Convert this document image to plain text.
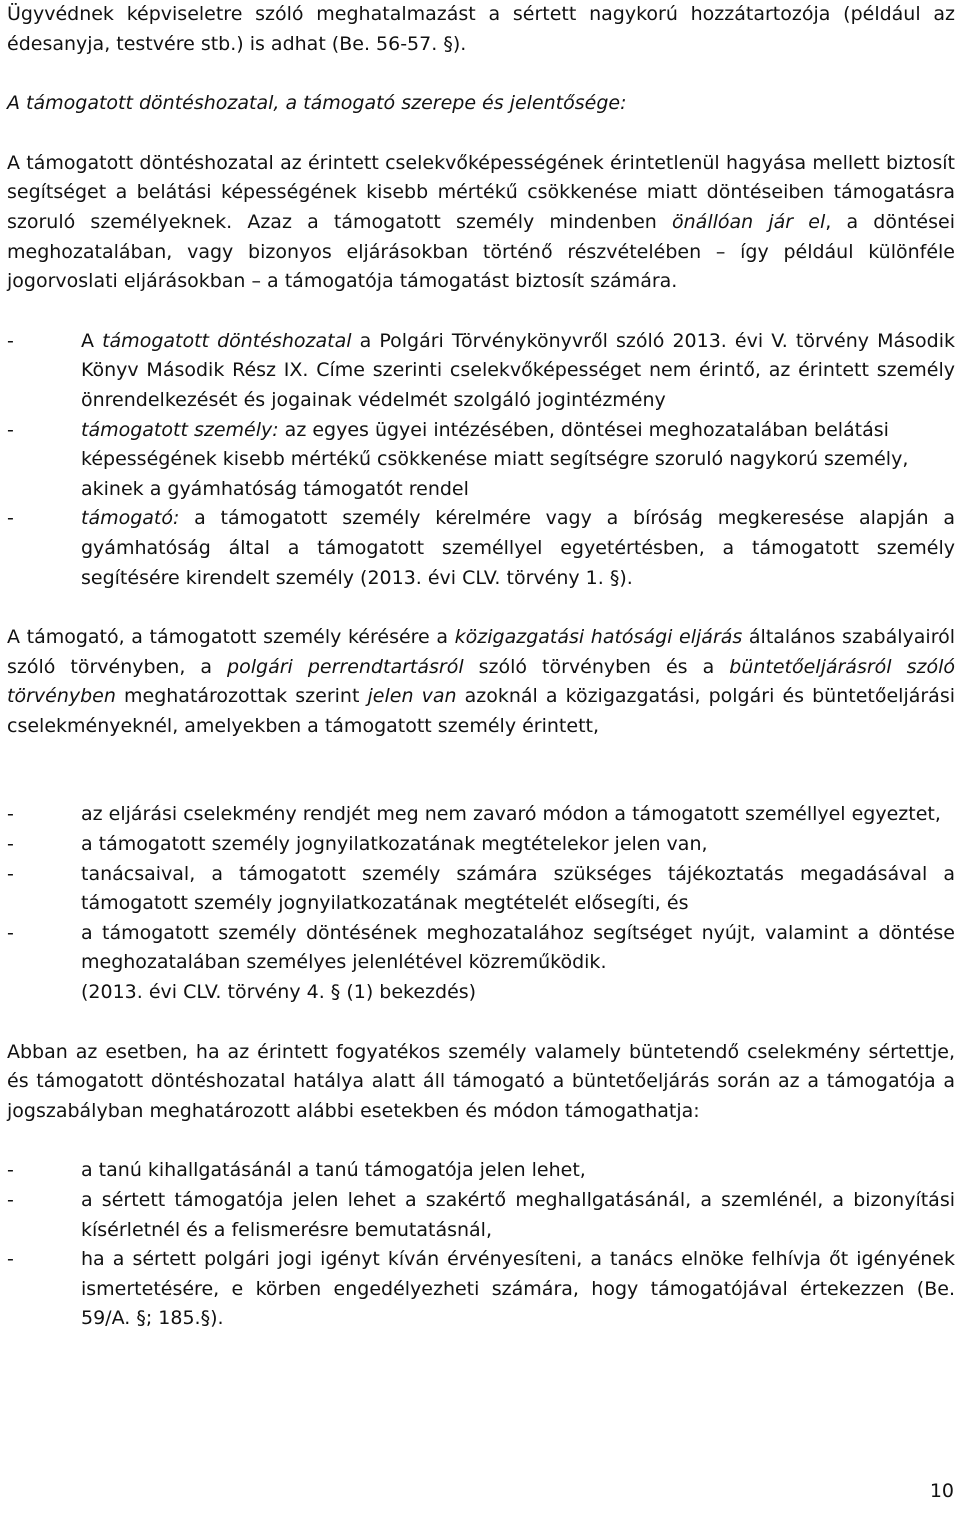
Ügyvédnek képviseletre szóló meghatalmazást a sértett nagykorú hozzátartozója (például az édesanyja, testvére stb.) is adhat (Be. 56-57. §).

A támogatott döntéshozatal, a támogató szerepe és jelentősége:

A támogatott döntéshozatal az érintett cselekvőképességének érintetlenül hagyása mellett biztosít segítséget a belátási képességének kisebb mértékű csökkenése miatt döntéseiben támogatásra szoruló személyeknek. Azaz a támogatott személy mindenben önállóan jár el, a döntései meghozatalában, vagy bizonyos eljárásokban történő részvételében – így például különféle jogorvoslati eljárásokban – a támogatója támogatást biztosít számára.

-	A támogatott döntéshozatal a Polgári Törvénykönyvről szóló 2013. évi V. törvény Második Könyv Második Rész IX. Címe szerinti cselekvőképességet nem érintő, az érintett személy önrendelkezését és jogainak védelmét szolgáló jogintézmény
-	támogatott személy: az egyes ügyei intézésében, döntései meghozatalában belátási képességének kisebb mértékű csökkenése miatt segítségre szoruló nagykorú személy, akinek a gyámhatóság támogatót rendel
-	támogató: a támogatott személy kérelmére vagy a bíróság megkeresése alapján a gyámhatóság által a támogatott személlyel egyetértésben, a támogatott személy segítésére kirendelt személy (2013. évi CLV. törvény 1. §).

A támogató, a támogatott személy kérésére a közigazgatási hatósági eljárás általános szabályairól szóló törvényben, a polgári perrendtartásról szóló törvényben és a büntetőeljárásról szóló törvényben meghatározottak szerint jelen van azoknál a közigazgatási, polgári és büntetőeljárási cselekményeknél, amelyekben a támogatott személy érintett,

-	az eljárási cselekmény rendjét meg nem zavaró módon a támogatott személlyel egyeztet,
-	a támogatott személy jognyilatkozatának megtételekor jelen van,
-	tanácsaival, a támogatott személy számára szükséges tájékoztatás megadásával a támogatott személy jognyilatkozatának megtételét elősegíti, és
-	a támogatott személy döntésének meghozatalához segítséget nyújt, valamint a döntése meghozatalában személyes jelenlétével közreműködik.

(2013. évi CLV. törvény 4. § (1) bekezdés)

Abban az esetben, ha az érintett fogyatékos személy valamely büntetendő cselekmény sértettje, és támogatott döntéshozatal hatálya alatt áll támogató a büntetőeljárás során az a támogatója a jogszabályban meghatározott alábbi esetekben és módon támogathatja:

-	a tanú kihallgatásánál a tanú támogatója jelen lehet,
-	a sértett támogatója jelen lehet a szakértő meghallgatásánál, a szemlénél, a bizonyítási kísérletnél és a felismerésre bemutatásnál,
-	ha a sértett polgári jogi igényt kíván érvényesíteni, a tanács elnöke felhívja őt igényének ismertetésére, e körben engedélyezheti számára, hogy támogatójával értekezzen (Be. 59/A. §; 185.§).
10
